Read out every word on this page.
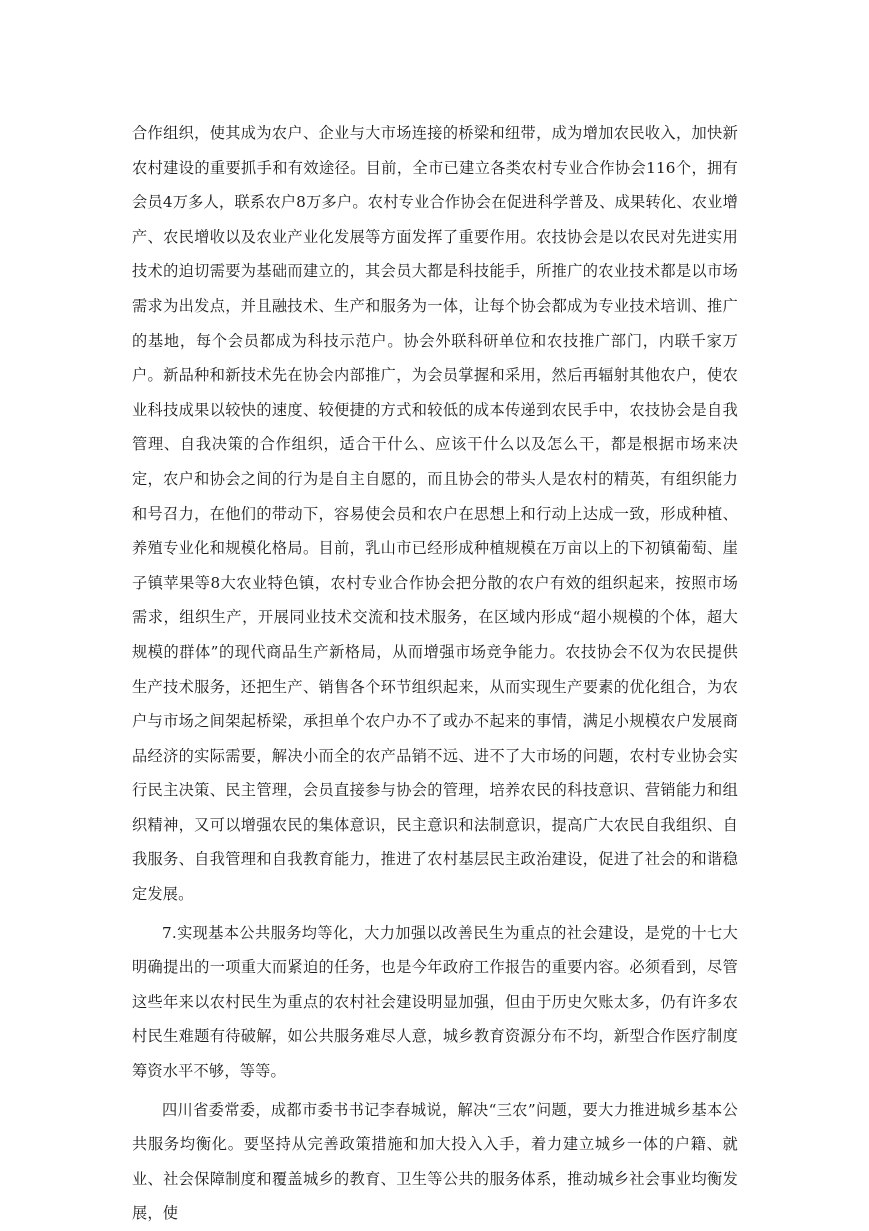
合作组织，使其成为农户、企业与大市场连接的桥梁和纽带，成为增加农民收入，加快新农村建设的重要抓手和有效途径。目前，全市已建立各类农村专业合作协会116个，拥有会员4万多人，联系农户8万多户。农村专业合作协会在促进科学普及、成果转化、农业增产、农民增收以及农业产业化发展等方面发挥了重要作用。农技协会是以农民对先进实用技术的迫切需要为基础而建立的，其会员大都是科技能手，所推广的农业技术都是以市场需求为出发点，并且融技术、生产和服务为一体，让每个协会都成为专业技术培训、推广的基地，每个会员都成为科技示范户。协会外联科研单位和农技推广部门，内联千家万户。新品种和新技术先在协会内部推广，为会员掌握和采用，然后再辐射其他农户，使农业科技成果以较快的速度、较便捷的方式和较低的成本传递到农民手中，农技协会是自我管理、自我决策的合作组织，适合干什么、应该干什么以及怎么干，都是根据市场来决定，农户和协会之间的行为是自主自愿的，而且协会的带头人是农村的精英，有组织能力和号召力，在他们的带动下，容易使会员和农户在思想上和行动上达成一致，形成种植、养殖专业化和规模化格局。目前，乳山市已经形成种植规模在万亩以上的下初镇葡萄、崖子镇苹果等8大农业特色镇，农村专业合作协会把分散的农户有效的组织起来，按照市场需求，组织生产，开展同业技术交流和技术服务，在区域内形成“超小规模的个体，超大规模的群体”的现代商品生产新格局，从而增强市场竞争能力。农技协会不仅为农民提供生产技术服务，还把生产、销售各个环节组织起来，从而实现生产要素的优化组合，为农户与市场之间架起桥梁，承担单个农户办不了或办不起来的事情，满足小规模农户发展商品经济的实际需要，解决小而全的农产品销不远、进不了大市场的问题，农村专业协会实行民主决策、民主管理，会员直接参与协会的管理，培养农民的科技意识、营销能力和组织精神，又可以增强农民的集体意识，民主意识和法制意识，提高广大农民自我组织、自我服务、自我管理和自我教育能力，推进了农村基层民主政治建设，促进了社会的和谐稳定发展。

7.实现基本公共服务均等化，大力加强以改善民生为重点的社会建设，是党的十七大明确提出的一项重大而紧迫的任务，也是今年政府工作报告的重要内容。必须看到，尽管这些年来以农村民生为重点的农村社会建设明显加强，但由于历史欠账太多，仍有许多农村民生难题有待破解，如公共服务难尽人意，城乡教育资源分布不均，新型合作医疗制度筹资水平不够，等等。

四川省委常委，成都市委书书记李春城说，解决“三农”问题，要大力推进城乡基本公共服务均衡化。要坚持从完善政策措施和加大投入入手，着力建立城乡一体的户籍、就业、社会保障制度和覆盖城乡的教育、卫生等公共的服务体系，推动城乡社会事业均衡发展，使
